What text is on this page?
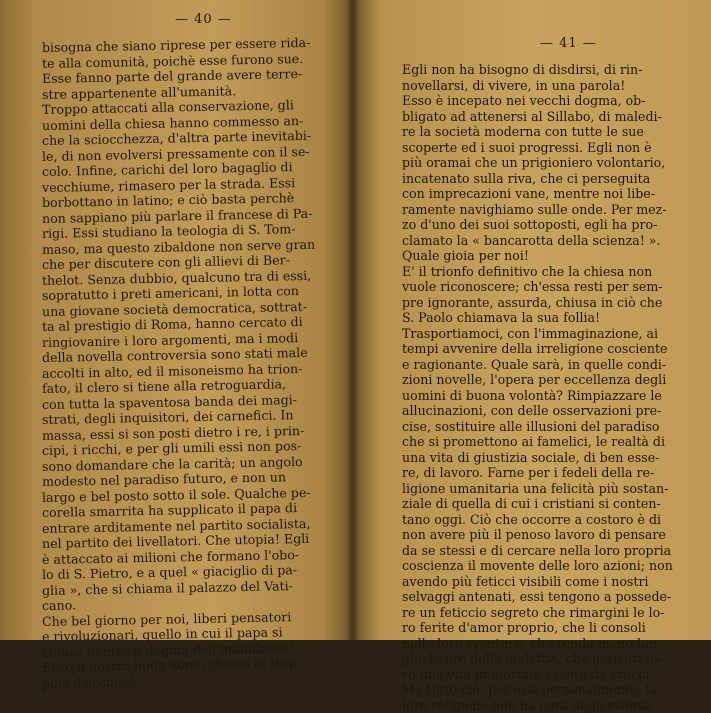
— 40 —
bisogna che siano riprese per essere rida-
te alla comunità, poichè esse furono sue.
Esse fanno parte del grande avere terre-
stre appartenente all'umanità.
Troppo attaccati alla conservazione, gli
uomini della chiesa hanno commesso an-
che la sciocchezza, d'altra parte inevitabi-
le, di non evolversi pressamente con il se-
colo. Infine, carichi del loro bagaglio di
vecchiume, rimasero per la strada. Essi
borbottano in latino; e ciò basta perchè
non sappiano più parlare il francese di Pa-
rigi. Essi studiano la teologia di S. Tom-
maso, ma questo zibaldone non serve gran
che per discutere con gli allievi di Ber-
thelot. Senza dubbio, qualcuno tra di essi,
sopratutto i preti americani, in lotta con
una giovane società democratica, sottrat-
ta al prestigio di Roma, hanno cercato di
ringiovanire i loro argomenti, ma i modi
della novella controversia sono stati male
accolti in alto, ed il misoneismo ha trion-
fato, il clero si tiene alla retroguardia,
con tutta la spaventosa banda dei magi-
strati, degli inquisitori, dei carnefici. In
massa, essi si son posti dietro i re, i prin-
cipi, i ricchi, e per gli umili essi non pos-
sono domandare che la carità; un angolo
modesto nel paradiso futuro, e non un
largo e bel posto sotto il sole. Qualche pe-
corella smarrita ha supplicato il papa di
entrare arditamente nel partito socialista,
nel partito dei livellatori. Che utopia! Egli
è attaccato ai milioni che formano l'obo-
lo di S. Pietro, e a quel « giaciglio di pa-
glia », che si chiama il palazzo del Vati-
cano.
Che bel giorno per noi, liberi pensatori
e rivoluzionari, quello in cui il papa si
chiuse dentro il dogma dell'infallibilità!
Ecco il nostro buon uomo chiuso in trap-
pola d'acciaio!
— 41 —
Egli non ha bisogno di disdirsi, di rin-
novellarsi, di vivere, in una parola!
Esso è incepato nei vecchi dogma, ob-
bligato ad attenersi al Sillabo, di maledi-
re la società moderna con tutte le sue
scoperte ed i suoi progressi. Egli non è
più oramai che un prigioniero volontario,
incatenato sulla riva, che ci perseguita
con imprecazioni vane, mentre noi libe-
ramente navighiamo sulle onde. Per mez-
zo d'uno dei suoi sottoposti, egli ha pro-
clamato la « bancarotta della scienza! ».
Quale gioia per noi!
E' il trionfo definitivo che la chiesa non
vuole riconoscere; ch'essa resti per sem-
pre ignorante, assurda, chiusa in ciò che
S. Paolo chiamava la sua follia!
Trasportiamoci, con l'immaginazione, ai
tempi avvenire della irreligione cosciente
e ragionante. Quale sarà, in quelle condi-
zioni novelle, l'opera per eccellenza degli
uomini di buona volontà? Rimpiazzare le
allucinazioni, con delle osservazioni pre-
cise, sostituire alle illusioni del paradiso
che si promettono ai famelici, le realtà di
una vita di giustizia sociale, di ben esse-
re, di lavoro. Farne per i fedeli della re-
ligione umanitaria una felicità più sostan-
ziale di quella di cui i cristiani si conten-
tano oggi. Ciò che occorre a costoro è di
non avere più il penoso lavoro di pensare
da se stessi e di cercare nella loro propria
coscienza il movente delle loro azioni; non
avendo più feticci visibili come i nostri
selvaggi antenati, essi tengono a possede-
re un feticcio segreto che rimargini le lo-
ro ferite d'amor proprio, che li consoli
nelle loro sventure, che renda meno lun-
ghe le ore della malattia, che assicuri lo-
ro una vita immortale esente da crucci.
Ma tutto ciò, per essi personalmente; la
loro religione non ha cura degli sventu-
